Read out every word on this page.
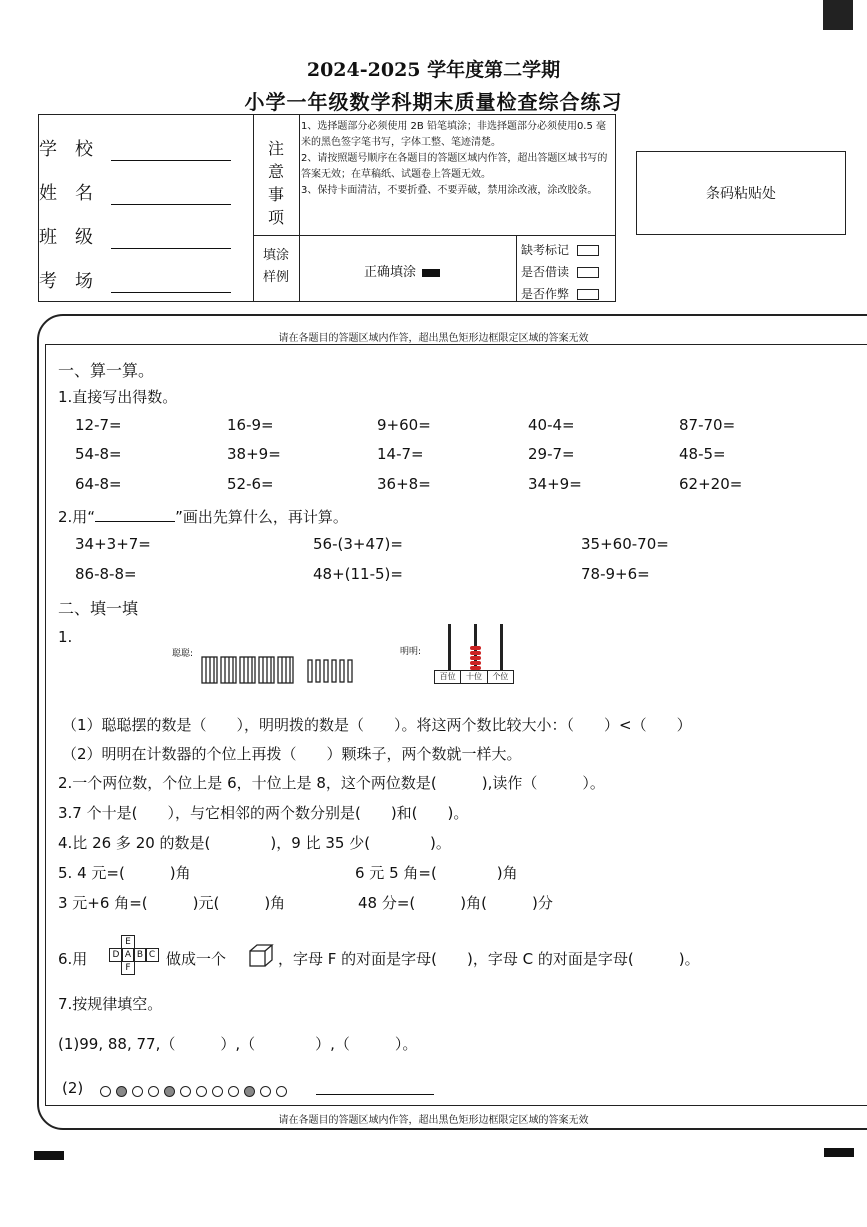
2024-2025 学年度第二学期
小学一年级数学科期末质量检查综合练习
学校
姓名
班级
考场
注意事项
1、选择题部分必须使用 2B 铅笔填涂；非选择题部分必须使用0.5 毫米的黑色签字笔书写，字体工整、笔迹清楚。
2、请按照题号顺序在各题目的答题区域内作答，超出答题区域书写的答案无效；在草稿纸、试题卷上答题无效。
3、保持卡面清洁，不要折叠、不要弄破，禁用涂改液，涂改胶条。
填涂样例	正确填涂
缺考标记
是否借读
是否作弊
条码粘贴处
请在各题目的答题区域内作答，超出黑色矩形边框限定区域的答案无效
请在各题目的答题区域内作答，超出黑色矩形边框限定区域的答案无效
一、算一算。
1.直接写出得数。
12-7=	16-9=	9+60=	40-4=	87-70=
54-8=	38+9=	14-7=	29-7=	48-5=
64-8=	52-6=	36+8=	34+9=	62+20=
2.用“	”画出先算什么，再计算。
34+3+7=	56-(3+47)=	35+60-70=
86-8-8=	48+(11-5)=	78-9+6=
二、填一填
1.
聪聪:	明明:
百位	十位	个位
（1）聪聪摆的数是（　　），明明拨的数是（　　）。将这两个数比较大小：（　　）<（　　）
（2）明明在计数器的个位上再拨（　　）颗珠子，两个数就一样大。
2.一个两位数，个位上是 6，十位上是 8，这个两位数是(　　　),读作（　　　）。
3.7 个十是(　　），与它相邻的两个数分别是(　　)和(　　)。
4.比 26 多 20 的数是(　　　　)，9 比 35 少(　　　　)。
5. 4 元=(　　　)角	6 元 5 角=(　　　　)角
3 元+6 角=(　　　)元(　　　)角	48 分=(　　　)角(　　　)分
6.用
E
D A B C
F 做成一个	，字母 F 的对面是字母(　　)，字母 C 的对面是字母(　　　)。
7.按规律填空。
(1)99, 88, 77,（　　　）,（　　　　）,（　　　）。
(2)
